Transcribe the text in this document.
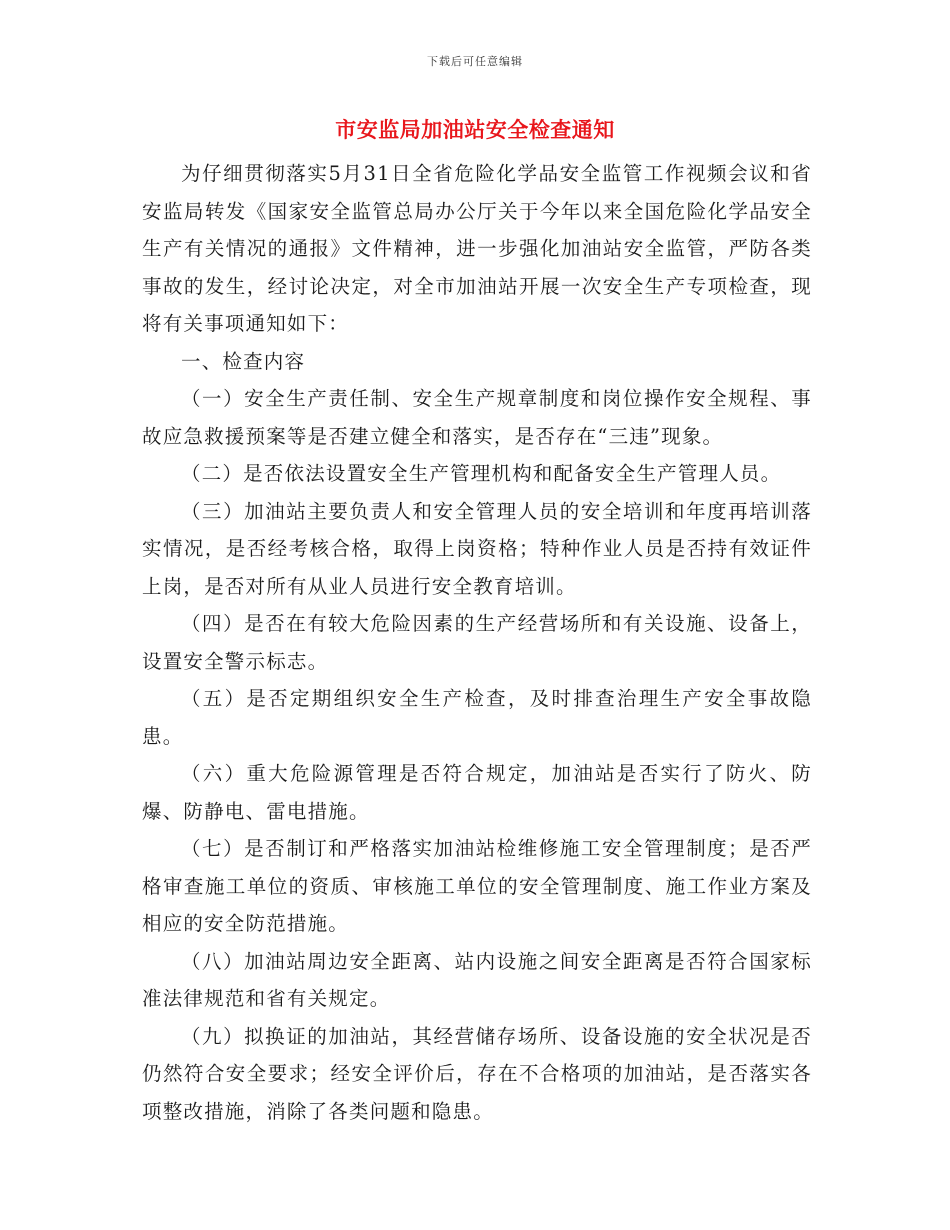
下载后可任意编辑
市安监局加油站安全检查通知

为仔细贯彻落实5月31日全省危险化学品安全监管工作视频会议和省安监局转发《国家安全监管总局办公厅关于今年以来全国危险化学品安全生产有关情况的通报》文件精神，进一步强化加油站安全监管，严防各类事故的发生，经讨论决定，对全市加油站开展一次安全生产专项检查，现将有关事项通知如下：

一、检查内容

（一）安全生产责任制、安全生产规章制度和岗位操作安全规程、事故应急救援预案等是否建立健全和落实，是否存在“三违”现象。

（二）是否依法设置安全生产管理机构和配备安全生产管理人员。

（三）加油站主要负责人和安全管理人员的安全培训和年度再培训落实情况，是否经考核合格，取得上岗资格；特种作业人员是否持有效证件上岗，是否对所有从业人员进行安全教育培训。

（四）是否在有较大危险因素的生产经营场所和有关设施、设备上，设置安全警示标志。

（五）是否定期组织安全生产检查，及时排查治理生产安全事故隐患。

（六）重大危险源管理是否符合规定，加油站是否实行了防火、防爆、防静电、雷电措施。

（七）是否制订和严格落实加油站检维修施工安全管理制度；是否严格审查施工单位的资质、审核施工单位的安全管理制度、施工作业方案及相应的安全防范措施。

（八）加油站周边安全距离、站内设施之间安全距离是否符合国家标准法律规范和省有关规定。

（九）拟换证的加油站，其经营储存场所、设备设施的安全状况是否仍然符合安全要求；经安全评价后，存在不合格项的加油站，是否落实各项整改措施，消除了各类问题和隐患。
